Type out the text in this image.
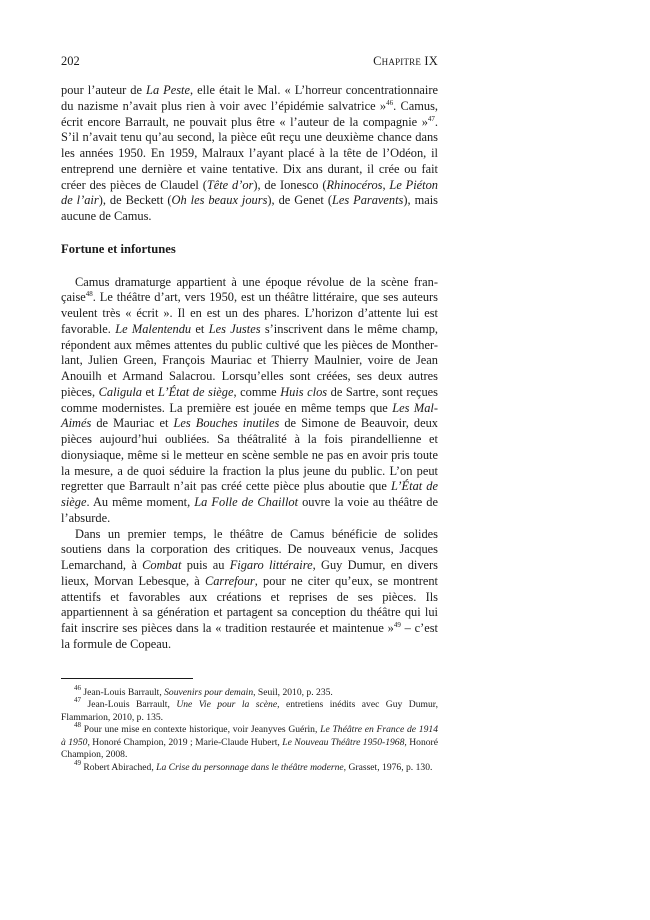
202	Chapitre IX

pour l’auteur de La Peste, elle était le Mal. « L’horreur concentrationnaire du nazisme n’avait plus rien à voir avec l’épidémie salvatrice »$^{46}$. Camus, écrit encore Barrault, ne pouvait plus être « l’auteur de la compagnie »$^{47}$. S’il n’avait tenu qu’au second, la pièce eût reçu une deuxième chance dans les années 1950. En 1959, Malraux l’ayant placé à la tête de l’Odéon, il entreprend une dernière et vaine tentative. Dix ans durant, il crée ou fait créer des pièces de Claudel (Tête d’or), de Ionesco (Rhinocéros, Le Piéton de l’air), de Beckett (Oh les beaux jours), de Genet (Les Paravents), mais aucune de Camus.

Fortune et infortunes

Camus dramaturge appartient à une époque révolue de la scène fran-çaise$^{48}$. Le théâtre d’art, vers 1950, est un théâtre littéraire, que ses auteurs veulent très « écrit ». Il en est un des phares. L’horizon d’attente lui est favorable. Le Malentendu et Les Justes s’inscrivent dans le même champ, répondent aux mêmes attentes du public cultivé que les pièces de Monther-lant, Julien Green, François Mauriac et Thierry Maulnier, voire de Jean Anouilh et Armand Salacrou. Lorsqu’elles sont créées, ses deux autres pièces, Caligula et L’État de siège, comme Huis clos de Sartre, sont reçues comme modernistes. La première est jouée en même temps que Les Mal-Aimés de Mauriac et Les Bouches inutiles de Simone de Beauvoir, deux pièces aujourd’hui oubliées. Sa théâtralité à la fois pirandellienne et dionysiaque, même si le metteur en scène semble ne pas en avoir pris toute la mesure, a de quoi séduire la fraction la plus jeune du public. L’on peut regretter que Barrault n’ait pas créé cette pièce plus aboutie que L’État de siège. Au même moment, La Folle de Chaillot ouvre la voie au théâtre de l’absurde.

Dans un premier temps, le théâtre de Camus bénéficie de solides soutiens dans la corporation des critiques. De nouveaux venus, Jacques Lemarchand, à Combat puis au Figaro littéraire, Guy Dumur, en divers lieux, Morvan Lebesque, à Carrefour, pour ne citer qu’eux, se montrent attentifs et favorables aux créations et reprises de ses pièces. Ils appartiennent à sa génération et partagent sa conception du théâtre qui lui fait inscrire ses pièces dans la « tradition restaurée et maintenue »$^{49}$ – c’est la formule de Copeau.

$^{46}$ Jean-Louis Barrault, Souvenirs pour demain, Seuil, 2010, p. 235.

$^{47}$ Jean-Louis Barrault, Une Vie pour la scène, entretiens inédits avec Guy Dumur, Flammarion, 2010, p. 135.

$^{48}$ Pour une mise en contexte historique, voir Jeanyves Guérin, Le Théâtre en France de 1914 à 1950, Honoré Champion, 2019 ; Marie-Claude Hubert, Le Nouveau Théâtre 1950-1968, Honoré Champion, 2008.

$^{49}$ Robert Abirached, La Crise du personnage dans le théâtre moderne, Grasset, 1976, p. 130.
